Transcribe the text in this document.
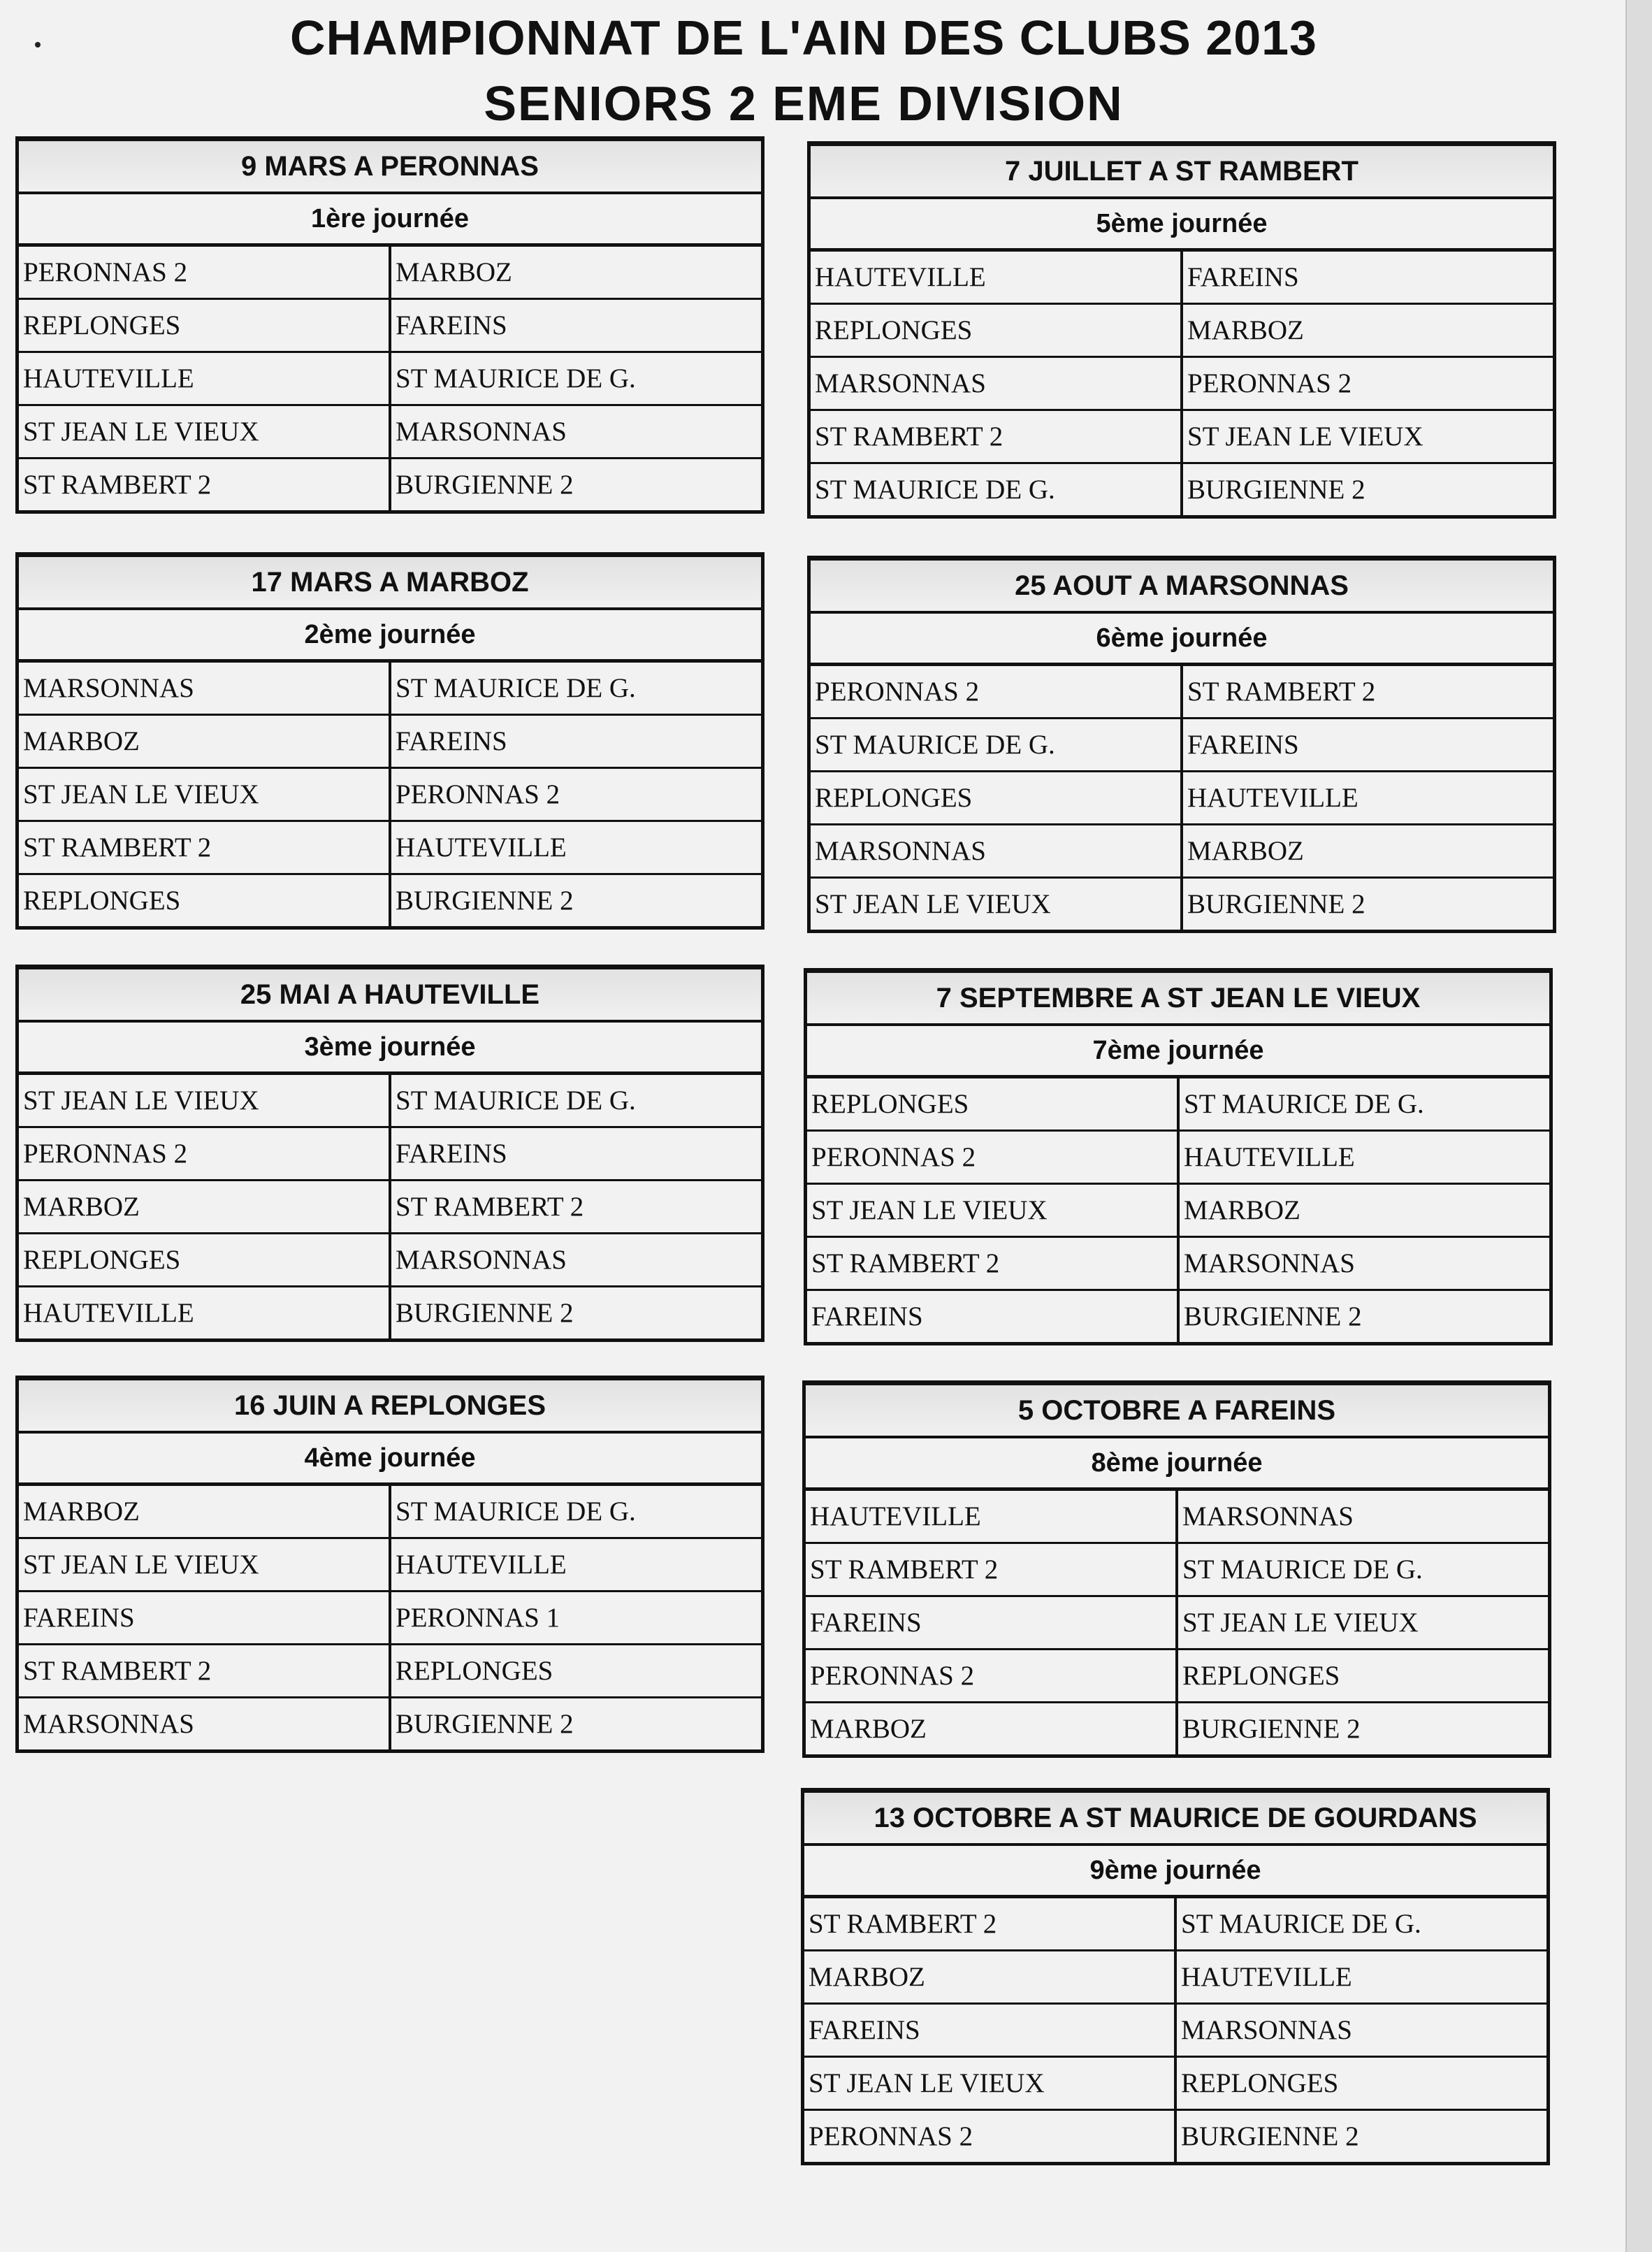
CHAMPIONNAT DE L'AIN DES CLUBS 2013
SENIORS 2 EME DIVISION
9 MARS A PERONNAS
1ère journée
PERONNAS 2	MARBOZ
REPLONGES	FAREINS
HAUTEVILLE	ST MAURICE DE G.
ST JEAN LE VIEUX	MARSONNAS
ST RAMBERT 2	BURGIENNE 2
17 MARS A MARBOZ
2ème journée
MARSONNAS	ST MAURICE DE G.
MARBOZ	FAREINS
ST JEAN LE VIEUX	PERONNAS 2
ST RAMBERT 2	HAUTEVILLE
REPLONGES	BURGIENNE 2
25 MAI A HAUTEVILLE
3ème journée
ST JEAN LE VIEUX	ST MAURICE DE G.
PERONNAS 2	FAREINS
MARBOZ	ST RAMBERT 2
REPLONGES	MARSONNAS
HAUTEVILLE	BURGIENNE 2
16 JUIN A REPLONGES
4ème journée
MARBOZ	ST MAURICE DE G.
ST JEAN LE VIEUX	HAUTEVILLE
FAREINS	PERONNAS 1
ST RAMBERT 2	REPLONGES
MARSONNAS	BURGIENNE 2
7 JUILLET A ST RAMBERT
5ème journée
HAUTEVILLE	FAREINS
REPLONGES	MARBOZ
MARSONNAS	PERONNAS 2
ST RAMBERT 2	ST JEAN LE VIEUX
ST MAURICE DE G.	BURGIENNE 2
25 AOUT A MARSONNAS
6ème journée
PERONNAS 2	ST RAMBERT 2
ST MAURICE DE G.	FAREINS
REPLONGES	HAUTEVILLE
MARSONNAS	MARBOZ
ST JEAN LE VIEUX	BURGIENNE 2
7 SEPTEMBRE A ST JEAN LE VIEUX
7ème journée
REPLONGES	ST MAURICE DE G.
PERONNAS 2	HAUTEVILLE
ST JEAN LE VIEUX	MARBOZ
ST RAMBERT 2	MARSONNAS
FAREINS	BURGIENNE 2
5 OCTOBRE A FAREINS
8ème journée
HAUTEVILLE	MARSONNAS
ST RAMBERT 2	ST MAURICE DE G.
FAREINS	ST JEAN LE VIEUX
PERONNAS 2	REPLONGES
MARBOZ	BURGIENNE 2
13 OCTOBRE A ST MAURICE DE GOURDANS
9ème journée
ST RAMBERT 2	ST MAURICE DE G.
MARBOZ	HAUTEVILLE
FAREINS	MARSONNAS
ST JEAN LE VIEUX	REPLONGES
PERONNAS 2	BURGIENNE 2
